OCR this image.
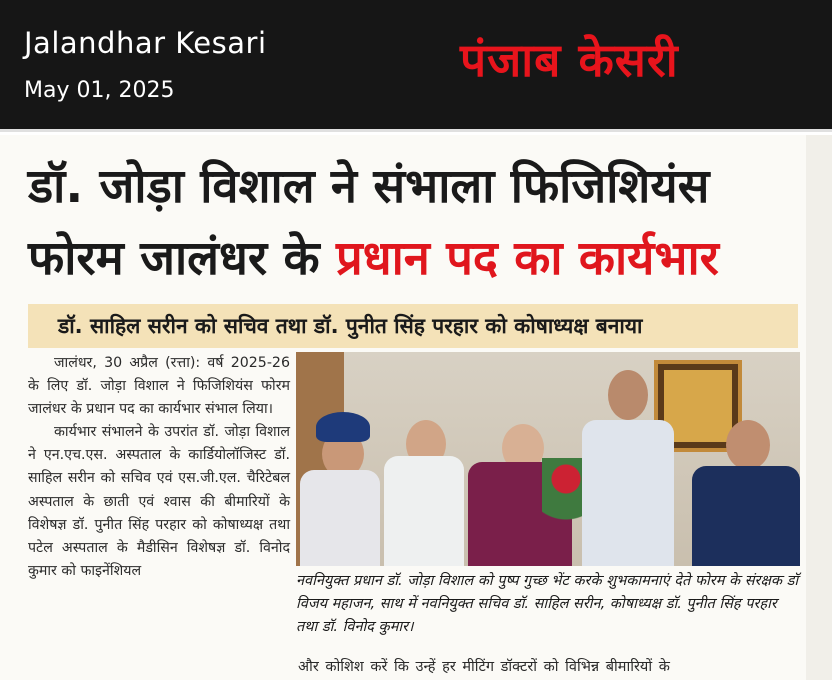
Jalandhar Kesari
May 01, 2025
पंजाब केसरी
डॉ. जोड़ा विशाल ने संभाला फिजिशियंस
फोरम जालंधर के प्रधान पद का कार्यभार
डॉ. साहिल सरीन को सचिव तथा डॉ. पुनीत सिंह परहार को कोषाध्यक्ष बनाया

जालंधर, 30 अप्रैल (रत्ता): वर्ष 2025-26 के लिए डॉ. जोड़ा विशाल ने फिजिशियंस फोरम जालंधर के प्रधान पद का कार्यभार संभाल लिया।

कार्यभार संभालने के उपरांत डॉ. जोड़ा विशाल ने एन.एच.एस. अस्पताल के कार्डियोलॉजिस्ट डॉ. साहिल सरीन को सचिव एवं एस.जी.एल. चैरिटेबल अस्पताल के छाती एवं श्वास की बीमारियों के विशेषज्ञ डॉ. पुनीत सिंह परहार को कोषाध्यक्ष तथा पटेल अस्पताल के मैडीसिन विशेषज्ञ डॉ. विनोद कुमार को फाइनेंशियल

नवनियुक्त प्रधान डॉ. जोड़ा विशाल को पुष्प गुच्छ भेंट करके शुभकामनाएं देते फोरम के संरक्षक डॉ विजय महाजन, साथ में नवनियुक्त सचिव डॉ. साहिल सरीन, कोषाध्यक्ष डॉ. पुनीत सिंह परहार तथा डॉ. विनोद कुमार।
और कोशिश करें कि उन्हें हर मीटिंग डॉक्टरों को विभिन्न बीमारियों के
